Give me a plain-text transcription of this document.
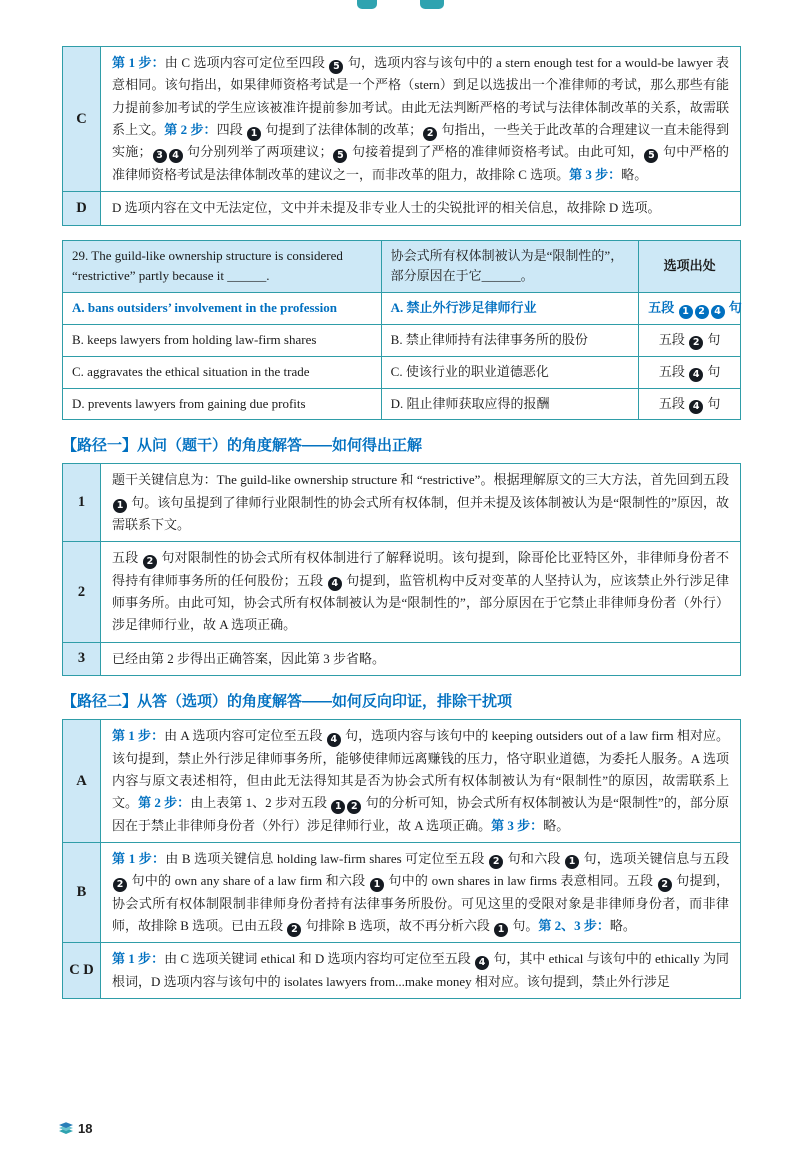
C	第 1 步：由 C 选项内容可定位至四段 5 句，选项内容与该句中的 a stern enough test for a would-be lawyer 表意相同。该句指出，如果律师资格考试是一个严格（stern）到足以选拔出一个准律师的考试，那么那些有能力提前参加考试的学生应该被准许提前参加考试。由此无法判断严格的考试与法律体制改革的关系，故需联系上文。第 2 步：四段 1 句提到了法律体制的改革； 2 句指出，一些关于此改革的合理建议一直未能得到实施； 3 4 句分别列举了两项建议； 5 句接着提到了严格的准律师资格考试。由此可知， 5 句中严格的准律师资格考试是法律体制改革的建议之一，而非改革的阻力，故排除 C 选项。第 3 步：略。
D	D 选项内容在文中无法定位，文中并未提及非专业人士的尖锐批评的相关信息，故排除 D 选项。
29. The guild-like ownership structure is considered “restrictive” partly because it ______.	协会式所有权体制被认为是“限制性的”，部分原因在于它______。	选项出处
A. bans outsiders’ involvement in the profession	A. 禁止外行涉足律师行业	五段 1 2 4 句
B. keeps lawyers from holding law-firm shares	B. 禁止律师持有法律事务所的股份	五段 2 句
C. aggravates the ethical situation in the trade	C. 使该行业的职业道德恶化	五段 4 句
D. prevents lawyers from gaining due profits	D. 阻止律师获取应得的报酬	五段 4 句
【路径一】从问（题干）的角度解答——如何得出正解
1	题干关键信息为：The guild-like ownership structure 和 “restrictive”。根据理解原文的三大方法，首先回到五段 1 句。该句虽提到了律师行业限制性的协会式所有权体制，但并未提及该体制被认为是“限制性的”原因，故需联系下文。
2	五段 2 句对限制性的协会式所有权体制进行了解释说明。该句提到，除哥伦比亚特区外，非律师身份者不得持有律师事务所的任何股份；五段 4 句提到，监管机构中反对变革的人坚持认为，应该禁止外行涉足律师事务所。由此可知，协会式所有权体制被认为是“限制性的”，部分原因在于它禁止非律师身份者（外行）涉足律师行业，故 A 选项正确。
3	已经由第 2 步得出正确答案，因此第 3 步省略。
【路径二】从答（选项）的角度解答——如何反向印证，排除干扰项
A	第 1 步：由 A 选项内容可定位至五段 4 句，选项内容与该句中的 keeping outsiders out of a law firm 相对应。该句提到，禁止外行涉足律师事务所，能够使律师远离赚钱的压力，恪守职业道德，为委托人服务。A 选项内容与原文表述相符，但由此无法得知其是否为协会式所有权体制被认为有“限制性”的原因，故需联系上文。第 2 步：由上表第 1、2 步对五段 1 2 句的分析可知，协会式所有权体制被认为是“限制性”的，部分原因在于禁止非律师身份者（外行）涉足律师行业，故 A 选项正确。第 3 步：略。
B	第 1 步：由 B 选项关键信息 holding law-firm shares 可定位至五段 2 句和六段 1 句，选项关键信息与五段 2 句中的 own any share of a law firm 和六段 1 句中的 own shares in law firms 表意相同。五段 2 句提到，协会式所有权体制限制非律师身份者持有法律事务所股份。可见这里的受限对象是非律师身份者，而非律师，故排除 B 选项。已由五段 2 句排除 B 选项，故不再分析六段 1 句。第 2、3 步：略。
C D	第 1 步：由 C 选项关键词 ethical 和 D 选项内容均可定位至五段 4 句，其中 ethical 与该句中的 ethically 为同根词，D 选项内容与该句中的 isolates lawyers from...make money 相对应。该句提到，禁止外行涉足
18
